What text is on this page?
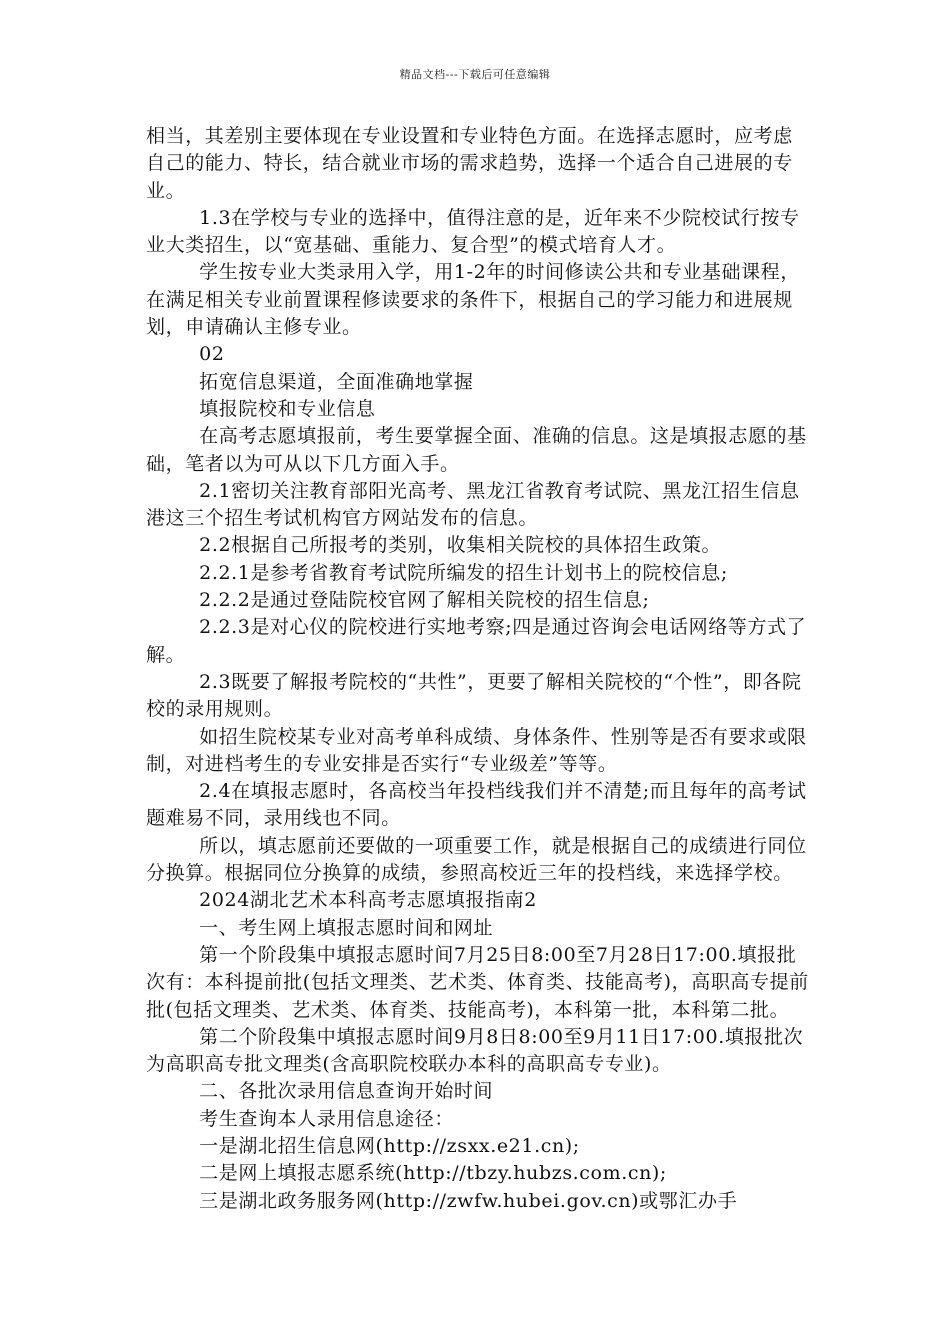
精品文档---下载后可任意编辑

相当，其差别主要体现在专业设置和专业特色方面。在选择志愿时，应考虑自己的能力、特长，结合就业市场的需求趋势，选择一个适合自己进展的专业。

1.3在学校与专业的选择中，值得注意的是，近年来不少院校试行按专业大类招生，以“宽基础、重能力、复合型”的模式培育人才。

学生按专业大类录用入学，用1-2年的时间修读公共和专业基础课程，在满足相关专业前置课程修读要求的条件下，根据自己的学习能力和进展规划，申请确认主修专业。

02

拓宽信息渠道，全面准确地掌握

填报院校和专业信息

在高考志愿填报前，考生要掌握全面、准确的信息。这是填报志愿的基础，笔者以为可从以下几方面入手。

2.1密切关注教育部阳光高考、黑龙江省教育考试院、黑龙江招生信息港这三个招生考试机构官方网站发布的信息。

2.2根据自己所报考的类别，收集相关院校的具体招生政策。

2.2.1是参考省教育考试院所编发的招生计划书上的院校信息;

2.2.2是通过登陆院校官网了解相关院校的招生信息;

2.2.3是对心仪的院校进行实地考察;四是通过咨询会电话网络等方式了解。

2.3既要了解报考院校的“共性”，更要了解相关院校的“个性”，即各院校的录用规则。

如招生院校某专业对高考单科成绩、身体条件、性别等是否有要求或限制，对进档考生的专业安排是否实行“专业级差”等等。

2.4在填报志愿时，各高校当年投档线我们并不清楚;而且每年的高考试题难易不同，录用线也不同。

所以，填志愿前还要做的一项重要工作，就是根据自己的成绩进行同位分换算。根据同位分换算的成绩，参照高校近三年的投档线，来选择学校。

2024湖北艺术本科高考志愿填报指南2

一、考生网上填报志愿时间和网址

第一个阶段集中填报志愿时间7月25日8:00至7月28日17:00.填报批次有：本科提前批(包括文理类、艺术类、体育类、技能高考)，高职高专提前批(包括文理类、艺术类、体育类、技能高考)，本科第一批，本科第二批。

第二个阶段集中填报志愿时间9月8日8:00至9月11日17:00.填报批次为高职高专批文理类(含高职院校联办本科的高职高专专业)。

二、各批次录用信息查询开始时间

考生查询本人录用信息途径：

一是湖北招生信息网(http://zsxx.e21.cn);

二是网上填报志愿系统(http://tbzy.hubzs.com.cn);

三是湖北政务服务网(http://zwfw.hubei.gov.cn)或鄂汇办手
